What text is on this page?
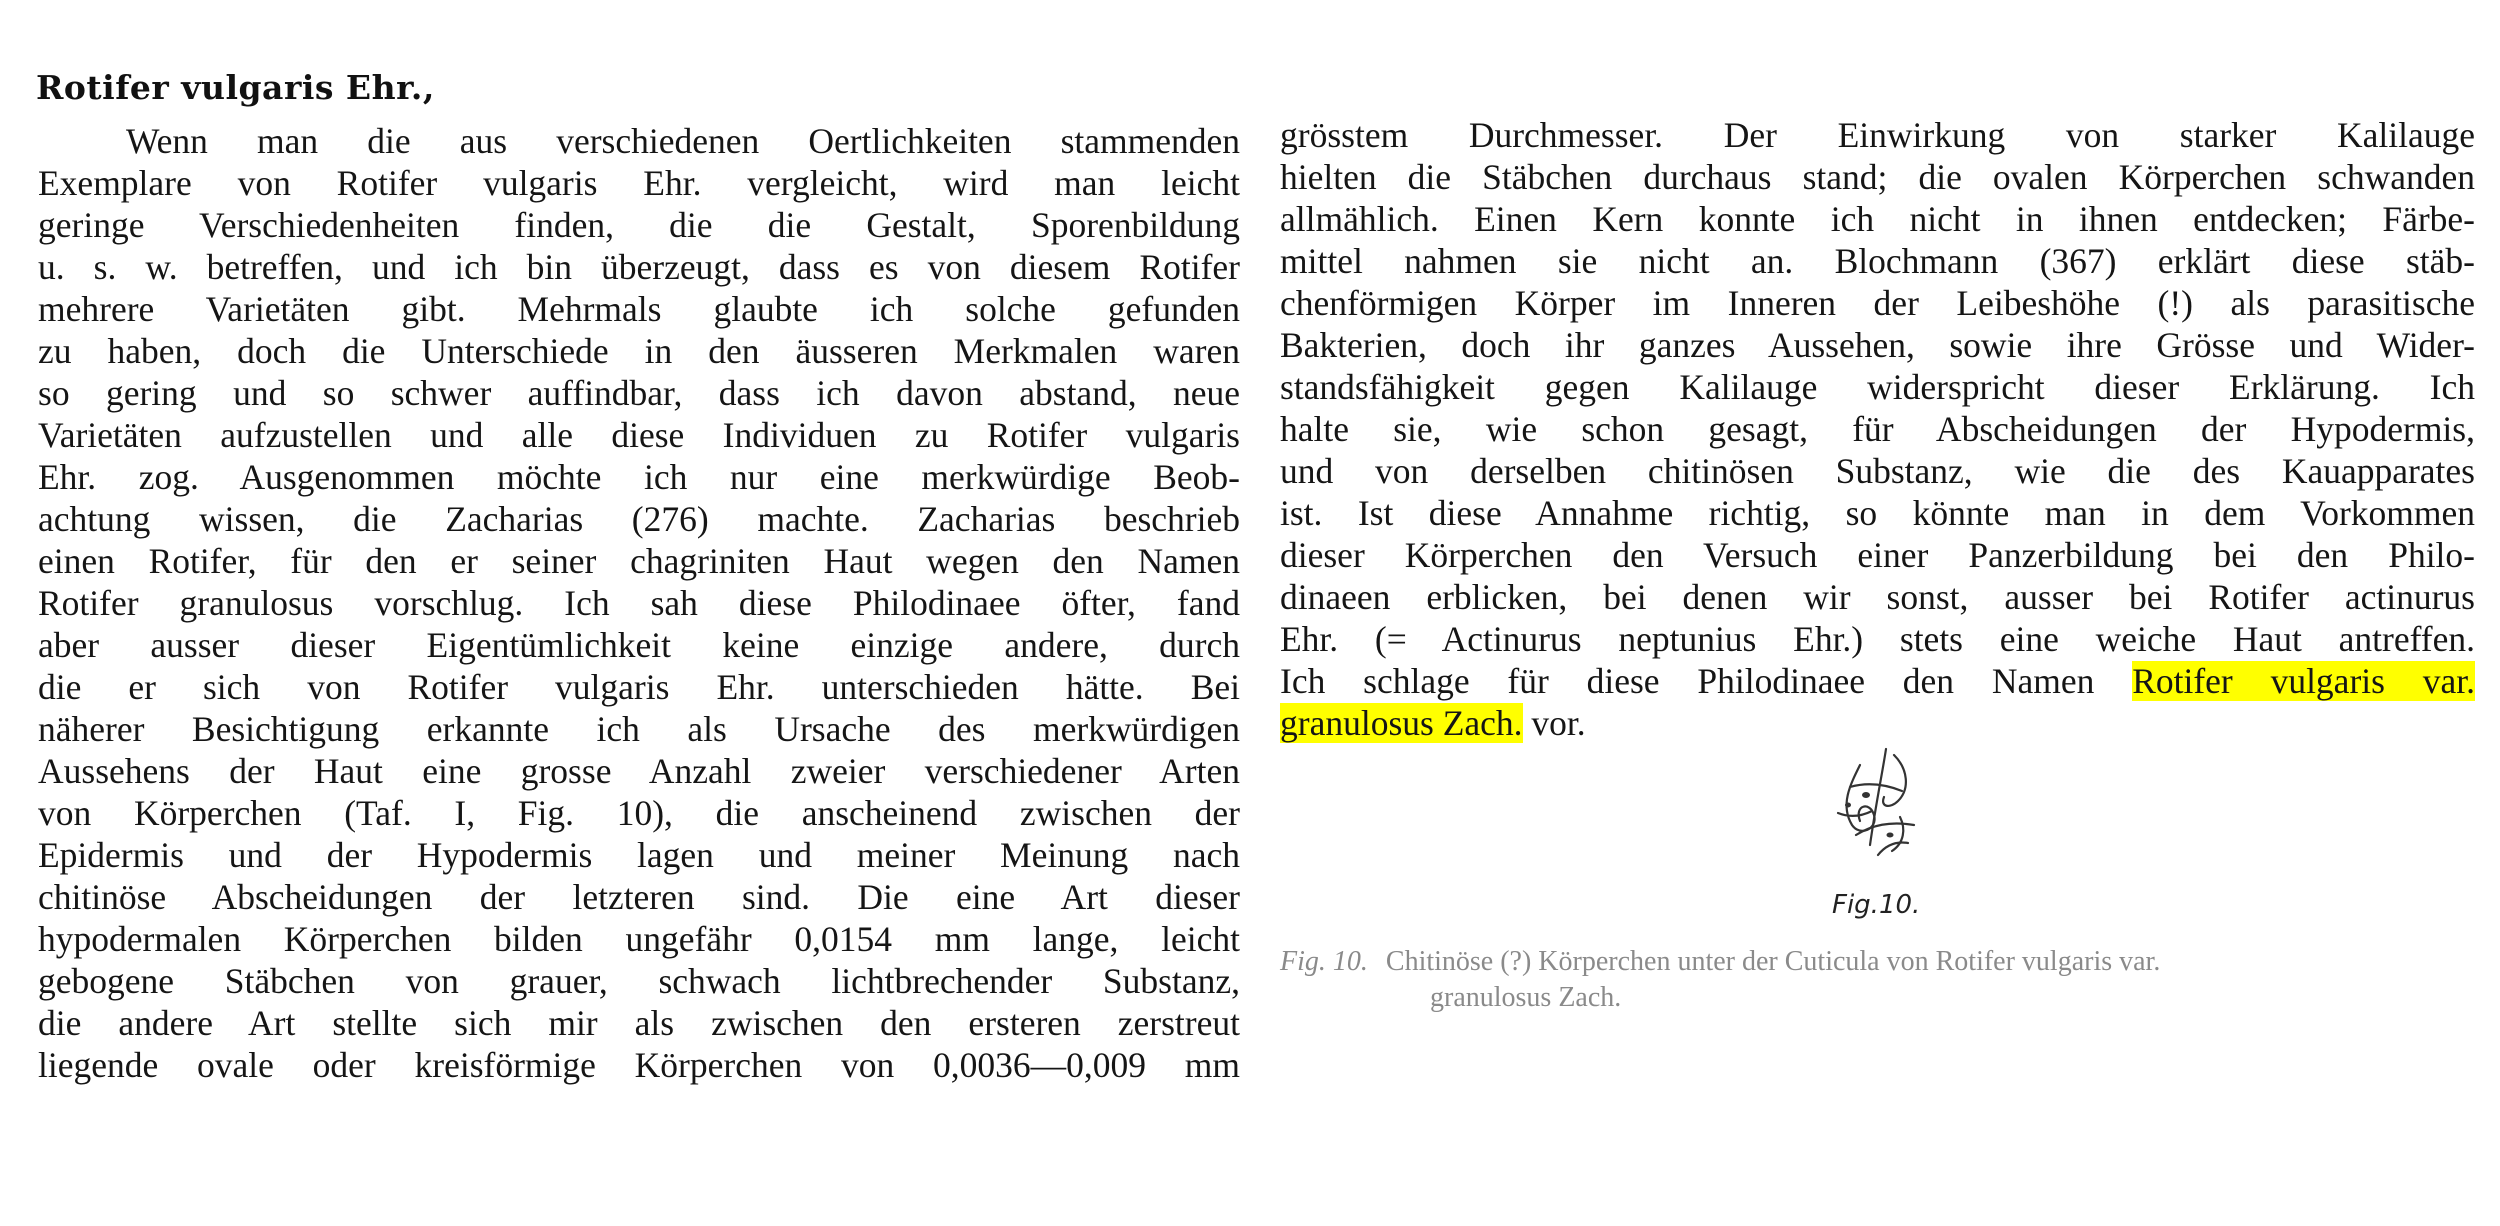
Rotifer vulgaris Ehr.,
Wenn man die aus verschiedenen Oertlichkeiten stammenden
Exemplare von Rotifer vulgaris Ehr. vergleicht, wird man leicht
geringe Verschiedenheiten finden, die die Gestalt, Sporenbildung
u. s. w. betreffen, und ich bin überzeugt, dass es von diesem Rotifer
mehrere Varietäten gibt. Mehrmals glaubte ich solche gefunden
zu haben, doch die Unterschiede in den äusseren Merkmalen waren
so gering und so schwer auffindbar, dass ich davon abstand, neue
Varietäten aufzustellen und alle diese Individuen zu Rotifer vulgaris
Ehr. zog. Ausgenommen möchte ich nur eine merkwürdige Beob-
achtung wissen, die Zacharias (276) machte. Zacharias beschrieb
einen Rotifer, für den er seiner chagriniten Haut wegen den Namen
Rotifer granulosus vorschlug. Ich sah diese Philodinaee öfter, fand
aber ausser dieser Eigentümlichkeit keine einzige andere, durch
die er sich von Rotifer vulgaris Ehr. unterschieden hätte. Bei
näherer Besichtigung erkannte ich als Ursache des merkwürdigen
Aussehens der Haut eine grosse Anzahl zweier verschiedener Arten
von Körperchen (Taf. I, Fig. 10), die anscheinend zwischen der
Epidermis und der Hypodermis lagen und meiner Meinung nach
chitinöse Abscheidungen der letzteren sind. Die eine Art dieser
hypodermalen Körperchen bilden ungefähr 0,0154 mm lange, leicht
gebogene Stäbchen von grauer, schwach lichtbrechender Substanz,
die andere Art stellte sich mir als zwischen den ersteren zerstreut
liegende ovale oder kreisförmige Körperchen von 0,0036—0,009 mm
grösstem Durchmesser. Der Einwirkung von starker Kalilauge
hielten die Stäbchen durchaus stand; die ovalen Körperchen schwanden
allmählich. Einen Kern konnte ich nicht in ihnen entdecken; Färbe-
mittel nahmen sie nicht an. Blochmann (367) erklärt diese stäb-
chenförmigen Körper im Inneren der Leibeshöhe (!) als parasitische
Bakterien, doch ihr ganzes Aussehen, sowie ihre Grösse und Wider-
standsfähigkeit gegen Kalilauge widerspricht dieser Erklärung. Ich
halte sie, wie schon gesagt, für Abscheidungen der Hypodermis,
und von derselben chitinösen Substanz, wie die des Kauapparates
ist. Ist diese Annahme richtig, so könnte man in dem Vorkommen
dieser Körperchen den Versuch einer Panzerbildung bei den Philo-
dinaeen erblicken, bei denen wir sonst, ausser bei Rotifer actinurus
Ehr. (= Actinurus neptunius Ehr.) stets eine weiche Haut antreffen.
Ich schlage für diese Philodinaee den Namen Rotifer vulgaris var.
granulosus Zach. vor.
Fig.10.
Fig. 10. Chitinöse (?) Körperchen unter der Cuticula von Rotifer vulgaris var.
granulosus Zach.
